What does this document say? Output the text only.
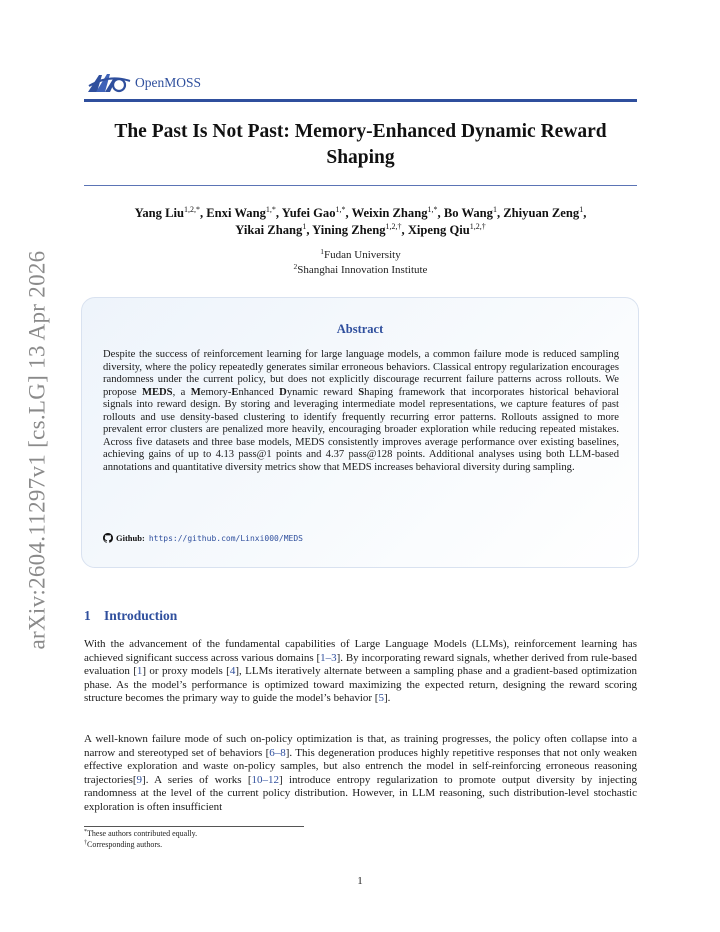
arXiv:2604.11297v1 [cs.LG] 13 Apr 2026
OpenMOSS
The Past Is Not Past: Memory-Enhanced Dynamic Reward Shaping
Yang Liu$^{1,2,*}$, Enxi Wang$^{1,*}$, Yufei Gao$^{1,*}$, Weixin Zhang$^{1,*}$, Bo Wang$^1$, Zhiyuan Zeng$^1$,
Yikai Zhang$^1$, Yining Zheng$^{1,2,\dagger}$, Xipeng Qiu$^{1,2,\dagger}$
$^1$Fudan University
$^2$Shanghai Innovation Institute
Abstract

Despite the success of reinforcement learning for large language models, a common failure mode is reduced sampling diversity, where the policy repeatedly generates similar erroneous behaviors. Classical entropy regularization encourages randomness under the current policy, but does not explicitly discourage recurrent failure patterns across rollouts. We propose MEDS, a Memory-Enhanced Dynamic reward Shaping framework that incorporates historical behavioral signals into reward design. By storing and leveraging intermediate model representations, we capture features of past rollouts and use density-based clustering to identify frequently recurring error patterns. Rollouts assigned to more prevalent error clusters are penalized more heavily, encouraging broader exploration while reducing repeated mistakes. Across five datasets and three base models, MEDS consistently improves average performance over existing baselines, achieving gains of up to 4.13 pass@1 points and 4.37 pass@128 points. Additional analyses using both LLM-based annotations and quantitative diversity metrics show that MEDS increases behavioral diversity during sampling.

Github: https://github.com/Linxi000/MEDS
1 Introduction

With the advancement of the fundamental capabilities of Large Language Models (LLMs), reinforcement learning has achieved significant success across various domains [1–3]. By incorporating reward signals, whether derived from rule-based evaluation [1] or proxy models [4], LLMs iteratively alternate between a sampling phase and a gradient-based optimization phase. As the model’s performance is optimized toward maximizing the expected return, designing the reward scoring structure becomes the primary way to guide the model’s behavior [5].

A well-known failure mode of such on-policy optimization is that, as training progresses, the policy often collapse into a narrow and stereotyped set of behaviors [6–8]. This degeneration produces highly repetitive responses that not only weaken effective exploration and waste on-policy samples, but also entrench the model in self-reinforcing erroneous reasoning trajectories[9]. A series of works [10–12] introduce entropy regularization to promote output diversity by injecting randomness at the level of the current policy distribution. However, in LLM reasoning, such distribution-level stochastic exploration is often insufficient

*These authors contributed equally.
†Corresponding authors.
1
